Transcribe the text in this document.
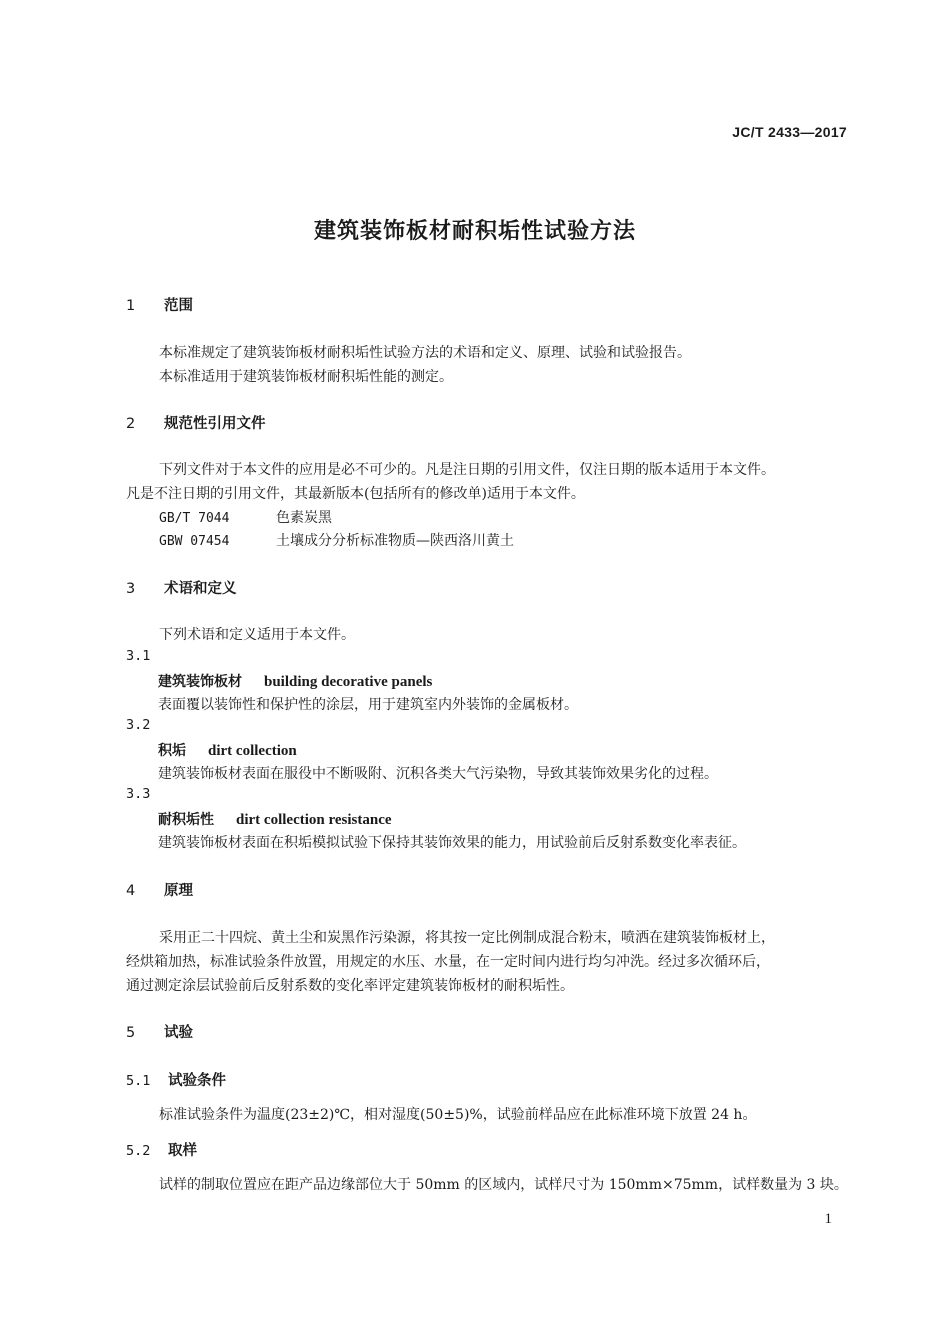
JC/T 2433—2017
建筑装饰板材耐积垢性试验方法
1 范围
本标准规定了建筑装饰板材耐积垢性试验方法的术语和定义、原理、试验和试验报告。
本标准适用于建筑装饰板材耐积垢性能的测定。
2 规范性引用文件
下列文件对于本文件的应用是必不可少的。凡是注日期的引用文件，仅注日期的版本适用于本文件。
凡是不注日期的引用文件，其最新版本(包括所有的修改单)适用于本文件。
GB/T 7044	色素炭黑
GBW 07454	土壤成分分析标准物质—陕西洛川黄土
3 术语和定义
下列术语和定义适用于本文件。
3.1
建筑装饰板材 building decorative panels
表面覆以装饰性和保护性的涂层，用于建筑室内外装饰的金属板材。
3.2
积垢 dirt collection
建筑装饰板材表面在服役中不断吸附、沉积各类大气污染物，导致其装饰效果劣化的过程。
3.3
耐积垢性 dirt collection resistance
建筑装饰板材表面在积垢模拟试验下保持其装饰效果的能力，用试验前后反射系数变化率表征。
4 原理
采用正二十四烷、黄土尘和炭黑作污染源，将其按一定比例制成混合粉末，喷洒在建筑装饰板材上，
经烘箱加热，标准试验条件放置，用规定的水压、水量，在一定时间内进行均匀冲洗。经过多次循环后，
通过测定涂层试验前后反射系数的变化率评定建筑装饰板材的耐积垢性。
5 试验
5.1 试验条件
标准试验条件为温度(23±2)℃，相对湿度(50±5)%，试验前样品应在此标准环境下放置 24 h。
5.2 取样
试样的制取位置应在距产品边缘部位大于 50mm 的区域内，试样尺寸为 150mm×75mm，试样数量为 3 块。
1
